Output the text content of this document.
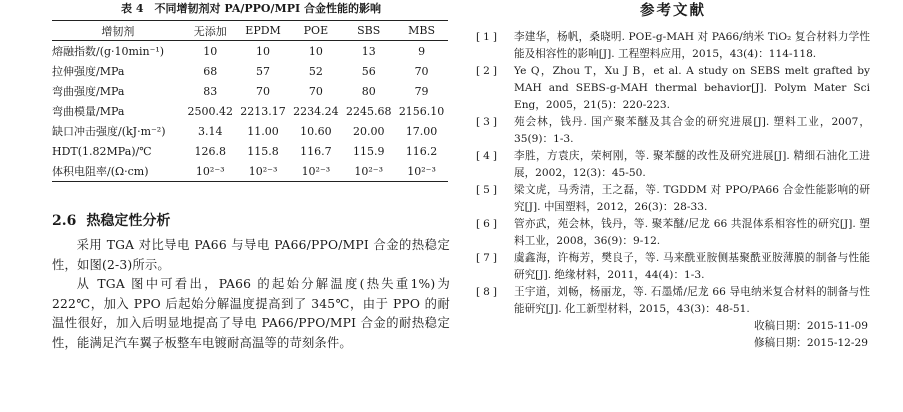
表 4　不同增韧剂对 PA/PPO/MPI 合金性能的影响
增韧剂	无添加	EPDM	POE	SBS	MBS
熔融指数/(g·10min⁻¹)	10	10	10	13	9
拉伸强度/MPa	68	57	52	56	70
弯曲强度/MPa	83	70	70	80	79
弯曲模量/MPa	2500.42	2213.17	2234.24	2245.68	2156.10
缺口冲击强度/(kJ·m⁻²)	3.14	11.00	10.60	20.00	17.00
HDT(1.82MPa)/℃	126.8	115.8	116.7	115.9	116.2
体积电阻率/(Ω·cm)	10²⁻³	10²⁻³	10²⁻³	10²⁻³	10²⁻³
2.6 热稳定性分析

采用 TGA 对比导电 PA66 与导电 PA66/PPO/MPI 合金的热稳定性，如图(2-3)所示。

从 TGA 图中可看出，PA66 的起始分解温度(热失重1%)为 222℃，加入 PPO 后起始分解温度提高到了 345℃，由于 PPO 的耐温性很好，加入后明显地提高了导电 PA66/PPO/MPI 合金的耐热稳定性，能满足汽车翼子板整车电镀耐高温等的苛刻条件。

参考文献
[1]	李建华，杨帆，桑晓明. POE-g-MAH 对 PA66/纳米 TiO₂ 复合材料力学性能及相容性的影响[J]. 工程塑料应用，2015，43(4)：114-118.
[2]	Ye Q，Zhou T，Xu J B，et al. A study on SEBS melt grafted by MAH and SEBS-g-MAH thermal behavior[J]. Polym Mater Sci Eng，2005，21(5)：220-223.
[3]	苑会林，钱丹. 国产聚苯醚及其合金的研究进展[J]. 塑料工业，2007，35(9)：1-3.
[4]	李胜，方袁庆，荣柯刚，等. 聚苯醚的改性及研究进展[J]. 精细石油化工进展，2002，12(3)：45-50.
[5]	梁文虎，马秀清，王之磊，等. TGDDM 对 PPO/PA66 合金性能影响的研究[J]. 中国塑料，2012，26(3)：28-33.
[6]	管亦武，苑会林，钱丹，等. 聚苯醚/尼龙 66 共混体系相容性的研究[J]. 塑料工业，2008，36(9)：9-12.
[7]	虞鑫海，许梅芳，樊良子，等. 马来酰亚胺侧基聚酰亚胺薄膜的制备与性能研究[J]. 绝缘材料，2011，44(4)：1-3.
[8]	王宇道，刘畅，杨丽龙，等. 石墨烯/尼龙 66 导电纳米复合材料的制备与性能研究[J]. 化工新型材料，2015，43(3)：48-51.
收稿日期：2015-11-09
修稿日期：2015-12-29
